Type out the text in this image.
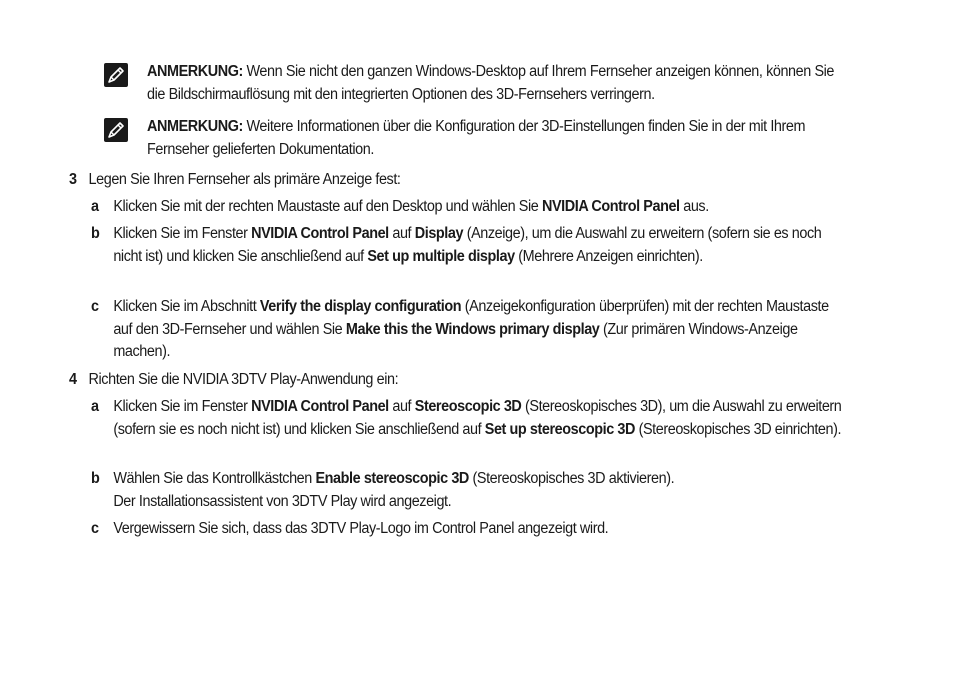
ANMERKUNG: Wenn Sie nicht den ganzen Windows-Desktop auf Ihrem Fernseher anzeigen können, können Sie die Bildschirmauflösung mit den integrierten Optionen des 3D-Fernsehers verringern.
ANMERKUNG: Weitere Informationen über die Konfiguration der 3D-Einstellungen finden Sie in der mit Ihrem Fernseher gelieferten Dokumentation.
3 Legen Sie Ihren Fernseher als primäre Anzeige fest:
a Klicken Sie mit der rechten Maustaste auf den Desktop und wählen Sie NVIDIA Control Panel aus.
b Klicken Sie im Fenster NVIDIA Control Panel auf Display (Anzeige), um die Auswahl zu erweitern (sofern sie es noch nicht ist) und klicken Sie anschließend auf Set up multiple display (Mehrere Anzeigen einrichten).
c Klicken Sie im Abschnitt Verify the display configuration (Anzeigekonfiguration überprüfen) mit der rechten Maustaste auf den 3D-Fernseher und wählen Sie Make this the Windows primary display (Zur primären Windows-Anzeige machen).
4 Richten Sie die NVIDIA 3DTV Play-Anwendung ein:
a Klicken Sie im Fenster NVIDIA Control Panel auf Stereoscopic 3D (Stereoskopisches 3D), um die Auswahl zu erweitern (sofern sie es noch nicht ist) und klicken Sie anschließend auf Set up stereoscopic 3D (Stereoskopisches 3D einrichten).
b Wählen Sie das Kontrollkästchen Enable stereoscopic 3D (Stereoskopisches 3D aktivieren).
Der Installationsassistent von 3DTV Play wird angezeigt.
c Vergewissern Sie sich, dass das 3DTV Play-Logo im Control Panel angezeigt wird.
